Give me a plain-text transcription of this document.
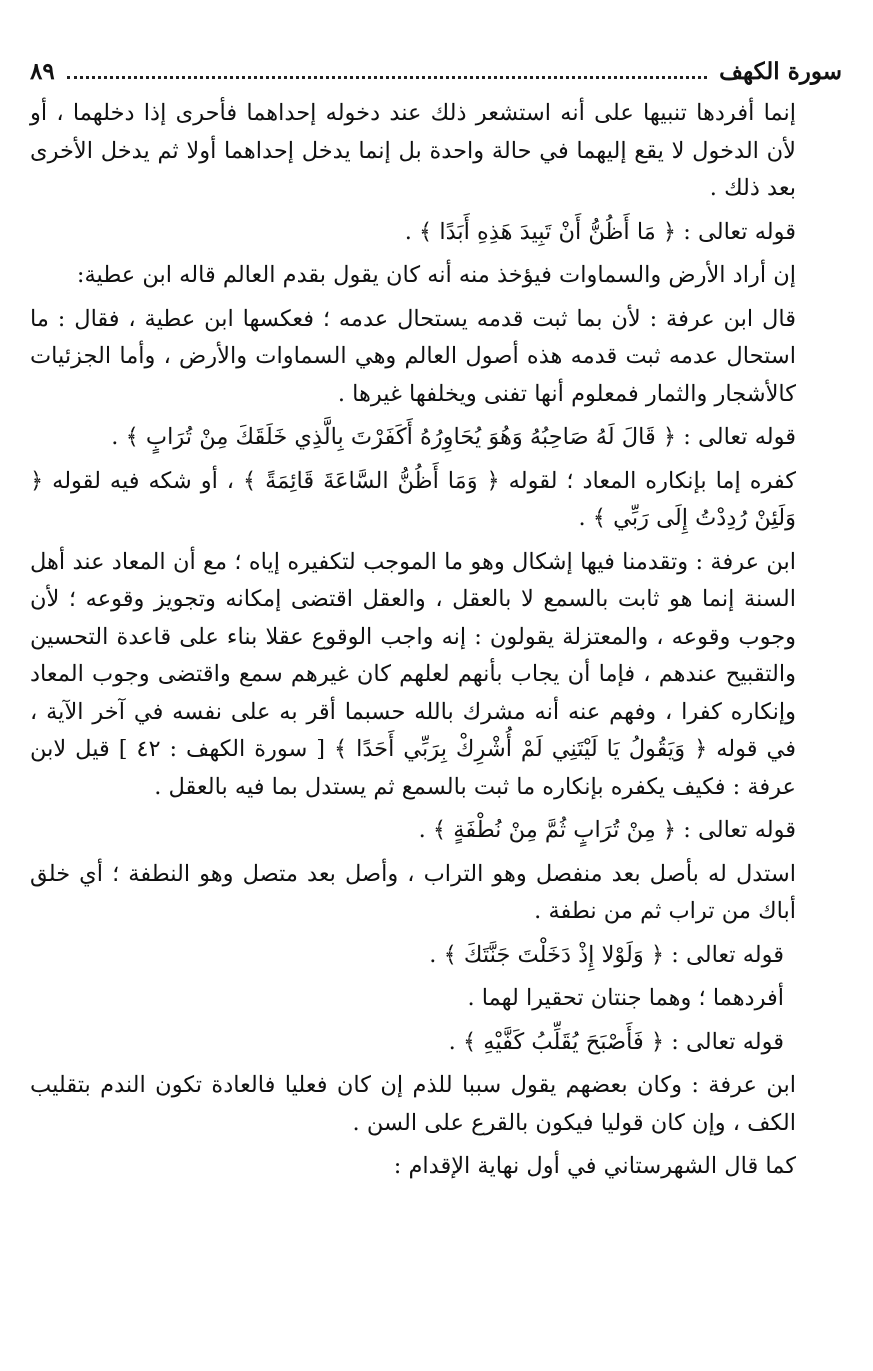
سورة الكهف
٨٩

إنما أفردها تنبيها على أنه استشعر ذلك عند دخوله إحداهما فأحرى إذا دخلهما ، أو لأن الدخول لا يقع إليهما في حالة واحدة بل إنما يدخل إحداهما أولا ثم يدخل الأخرى بعد ذلك .

قوله تعالى : ﴿ مَا أَظُنُّ أَنْ تَبِيدَ هَذِهِ أَبَدًا ﴾ .

إن أراد الأرض والسماوات فيؤخذ منه أنه كان يقول بقدم العالم قاله ابن عطية:

قال ابن عرفة : لأن بما ثبت قدمه يستحال عدمه ؛ فعكسها ابن عطية ، فقال : ما استحال عدمه ثبت قدمه هذه أصول العالم وهي السماوات والأرض ، وأما الجزئيات كالأشجار والثمار فمعلوم أنها تفنى ويخلفها غيرها .

قوله تعالى : ﴿ قَالَ لَهُ صَاحِبُهُ وَهُوَ يُحَاوِرُهُ أَكَفَرْتَ بِالَّذِي خَلَقَكَ مِنْ تُرَابٍ ﴾ .

كفره إما بإنكاره المعاد ؛ لقوله ﴿ وَمَا أَظُنُّ السَّاعَةَ قَائِمَةً ﴾ ، أو شكه فيه لقوله ﴿ وَلَئِنْ رُدِدْتُ إِلَى رَبِّي ﴾ .

ابن عرفة : وتقدمنا فيها إشكال وهو ما الموجب لتكفيره إياه ؛ مع أن المعاد عند أهل السنة إنما هو ثابت بالسمع لا بالعقل ، والعقل اقتضى إمكانه وتجويز وقوعه ؛ لأن وجوب وقوعه ، والمعتزلة يقولون : إنه واجب الوقوع عقلا بناء على قاعدة التحسين والتقبيح عندهم ، فإما أن يجاب بأنهم لعلهم كان غيرهم سمع واقتضى وجوب المعاد وإنكاره كفرا ، وفهم عنه أنه مشرك بالله حسبما أقر به على نفسه في آخر الآية ، في قوله ﴿ وَيَقُولُ يَا لَيْتَنِي لَمْ أُشْرِكْ بِرَبِّي أَحَدًا ﴾ [ سورة الكهف : ٤٢ ] قيل لابن عرفة : فكيف يكفره بإنكاره ما ثبت بالسمع ثم يستدل بما فيه بالعقل .

قوله تعالى : ﴿ مِنْ تُرَابٍ ثُمَّ مِنْ نُطْفَةٍ ﴾ .

استدل له بأصل بعد منفصل وهو التراب ، وأصل بعد متصل وهو النطفة ؛ أي خلق أباك من تراب ثم من نطفة .

قوله تعالى : ﴿ وَلَوْلا إِذْ دَخَلْتَ جَنَّتَكَ ﴾ .

أفردهما ؛ وهما جنتان تحقيرا لهما .

قوله تعالى : ﴿ فَأَصْبَحَ يُقَلِّبُ كَفَّيْهِ ﴾ .

ابن عرفة : وكان بعضهم يقول سببا للذم إن كان فعليا فالعادة تكون الندم بتقليب الكف ، وإن كان قوليا فيكون بالقرع على السن .

كما قال الشهرستاني في أول نهاية الإقدام :
